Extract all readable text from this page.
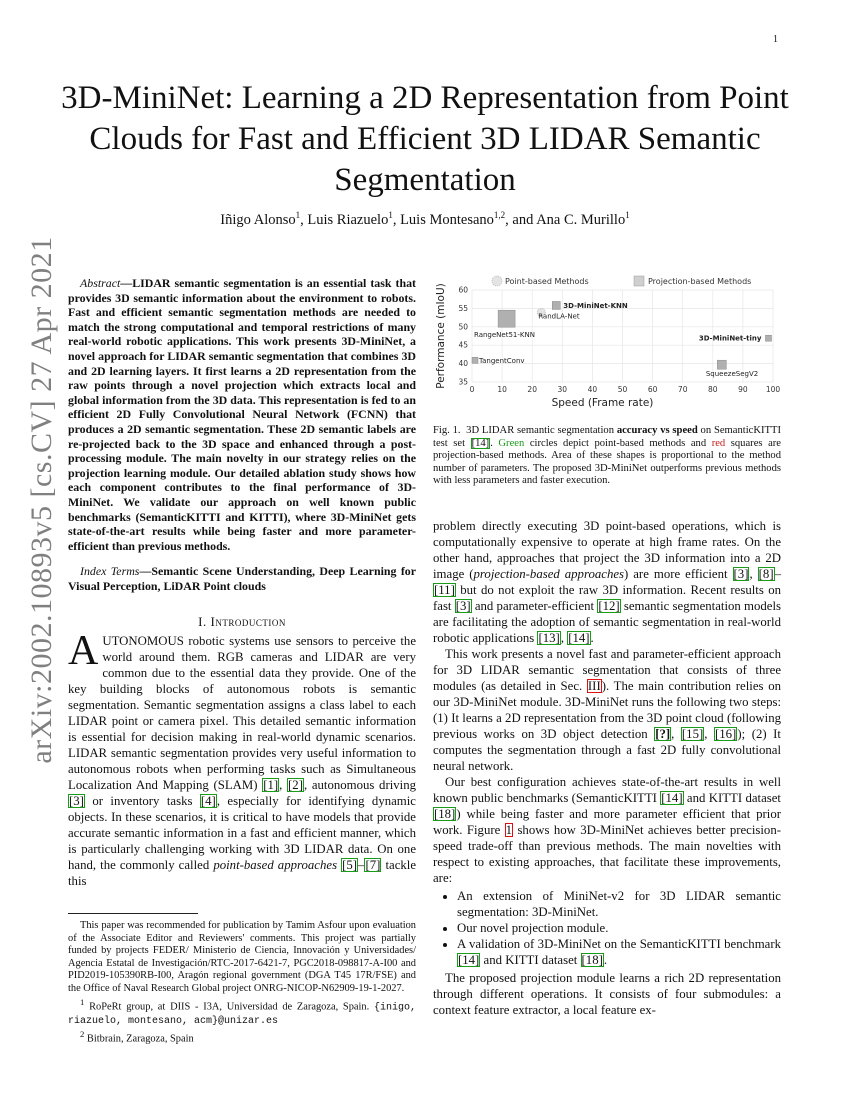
1
arXiv:2002.10893v5 [cs.CV] 27 Apr 2021
3D-MiniNet: Learning a 2D Representation from Point Clouds for Fast and Efficient 3D LIDAR Semantic Segmentation
Iñigo Alonso$^1$, Luis Riazuelo$^1$, Luis Montesano$^{1,2}$, and Ana C. Murillo$^1$

Abstract—LIDAR semantic segmentation is an essential task that provides 3D semantic information about the environment to robots. Fast and efficient semantic segmentation methods are needed to match the strong computational and temporal restrictions of many real-world robotic applications. This work presents 3D-MiniNet, a novel approach for LIDAR semantic segmentation that combines 3D and 2D learning layers. It first learns a 2D representation from the raw points through a novel projection which extracts local and global information from the 3D data. This representation is fed to an efficient 2D Fully Convolutional Neural Network (FCNN) that produces a 2D semantic segmentation. These 2D semantic labels are re-projected back to the 3D space and enhanced through a post-processing module. The main novelty in our strategy relies on the projection learning module. Our detailed ablation study shows how each component contributes to the final performance of 3D-MiniNet. We validate our approach on well known public benchmarks (SemanticKITTI and KITTI), where 3D-MiniNet gets state-of-the-art results while being faster and more parameter-efficient than previous methods.

Index Terms—Semantic Scene Understanding, Deep Learning for Visual Perception, LiDAR Point clouds

I. Introduction
AUTONOMOUS robotic systems use sensors to perceive the world around them. RGB cameras and LIDAR are very common due to the essential data they provide. One of the key building blocks of autonomous robots is semantic segmentation. Semantic segmentation assigns a class label to each LIDAR point or camera pixel. This detailed semantic information is essential for decision making in real-world dynamic scenarios. LIDAR semantic segmentation provides very useful information to autonomous robots when performing tasks such as Simultaneous Localization And Mapping (SLAM) [1], [2], autonomous driving [3] or inventory tasks [4], especially for identifying dynamic objects. In these scenarios, it is critical to have models that provide accurate semantic information in a fast and efficient manner, which is particularly challenging working with 3D LIDAR data. On one hand, the commonly called point-based approaches [5]–[7] tackle this

This paper was recommended for publication by Tamim Asfour upon evaluation of the Associate Editor and Reviewers' comments. This project was partially funded by projects FEDER/ Ministerio de Ciencia, Innovación y Universidades/ Agencia Estatal de Investigación/RTC-2017-6421-7, PGC2018-098817-A-I00 and PID2019-105390RB-I00, Aragón regional government (DGA T45 17R/FSE) and the Office of Naval Research Global project ONRG-NICOP-N62909-19-1-2027.

$^1$ RoPeRt group, at DIIS - I3A, Universidad de Zaragoza, Spain. {inigo, riazuelo, montesano, acm}@unizar.es

$^2$ Bitbrain, Zaragoza, Spain

0	10	20	30	40	50	60	70	80	90 100
35
40
45
50
55
60
Speed (Frame rate)
Performance (mIoU)	3D-MiniNet-KNN
RandLA-Net
RangeNet51-KNN	3D-MiniNet-tiny
TangentConv
SqueezeSegV2
Point-based Methods	Projection-based Methods
Fig. 1. 3D LIDAR semantic segmentation accuracy vs speed on SemanticKITTI test set [14]. Green circles depict point-based methods and red squares are projection-based methods. Area of these shapes is proportional to the method number of parameters. The proposed 3D-MiniNet outperforms previous methods with less parameters and faster execution.

problem directly executing 3D point-based operations, which is computationally expensive to operate at high frame rates. On the other hand, approaches that project the 3D information into a 2D image (projection-based approaches) are more efficient [3], [8]–[11] but do not exploit the raw 3D information. Recent results on fast [3] and parameter-efficient [12] semantic segmentation models are facilitating the adoption of semantic segmentation in real-world robotic applications [13], [14].

This work presents a novel fast and parameter-efficient approach for 3D LIDAR semantic segmentation that consists of three modules (as detailed in Sec. III). The main contribution relies on our 3D-MiniNet module. 3D-MiniNet runs the following two steps: (1) It learns a 2D representation from the 3D point cloud (following previous works on 3D object detection [?], [15], [16]); (2) It computes the segmentation through a fast 2D fully convolutional neural network.

Our best configuration achieves state-of-the-art results in well known public benchmarks (SemanticKITTI [14] and KITTI dataset [18]) while being faster and more parameter efficient that prior work. Figure 1 shows how 3D-MiniNet achieves better precision-speed trade-off than previous methods. The main novelties with respect to existing approaches, that facilitate these improvements, are:

• An extension of MiniNet-v2 for 3D LIDAR semantic segmentation: 3D-MiniNet.
• Our novel projection module.
• A validation of 3D-MiniNet on the SemanticKITTI benchmark [14] and KITTI dataset [18].

The proposed projection module learns a rich 2D representation through different operations. It consists of four submodules: a context feature extractor, a local feature ex-
